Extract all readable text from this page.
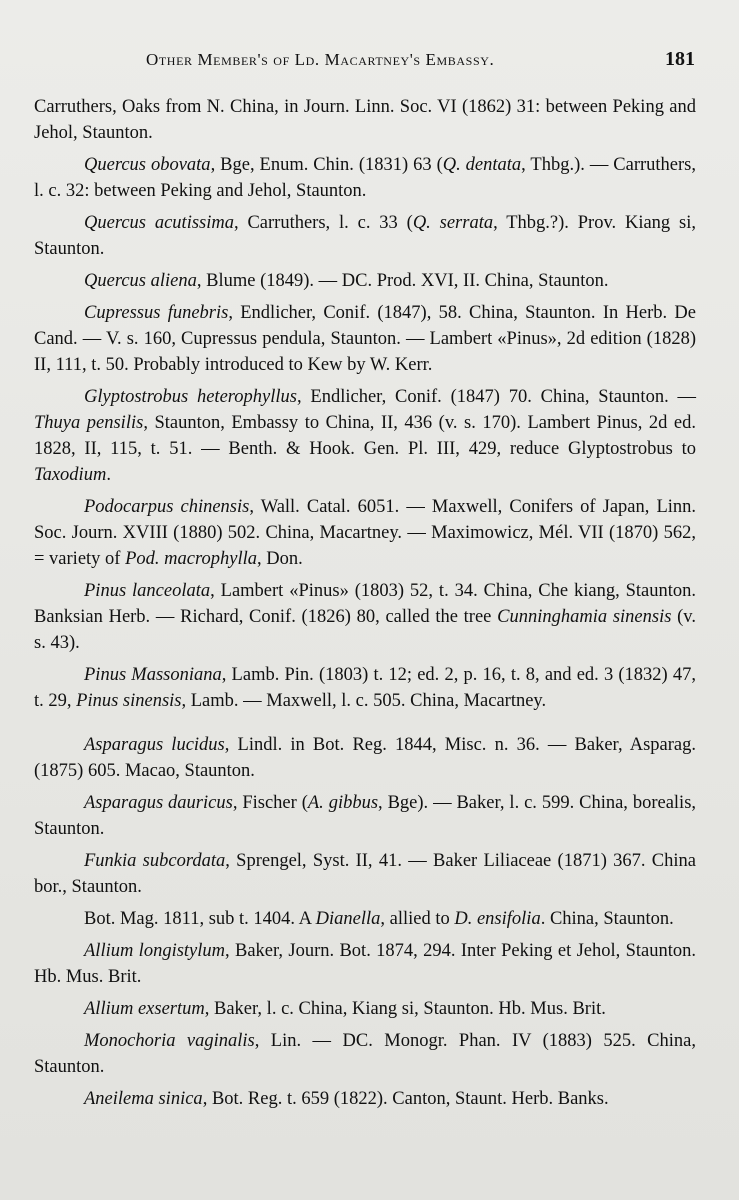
Other Member's of Ld. Macartney's Embassy.	181

Carruthers, Oaks from N. China, in Journ. Linn. Soc. VI (1862) 31: between Peking and Jehol, Staunton.

Quercus obovata, Bge, Enum. Chin. (1831) 63 (Q. dentata, Thbg.). — Carruthers, l. c. 32: between Peking and Jehol, Staunton.

Quercus acutissima, Carruthers, l. c. 33 (Q. serrata, Thbg.?). Prov. Kiang si, Staunton.

Quercus aliena, Blume (1849). — DC. Prod. XVI, II. China, Staunton.

Cupressus funebris, Endlicher, Conif. (1847), 58. China, Staunton. In Herb. De Cand. — V. s. 160, Cupressus pendula, Staunton. — Lambert «Pinus», 2d edition (1828) II, 111, t. 50. Probably introduced to Kew by W. Kerr.

Glyptostrobus heterophyllus, Endlicher, Conif. (1847) 70. China, Staunton. — Thuya pensilis, Staunton, Embassy to China, II, 436 (v. s. 170). Lambert Pinus, 2d ed. 1828, II, 115, t. 51. — Benth. & Hook. Gen. Pl. III, 429, reduce Glyptostrobus to Taxodium.

Podocarpus chinensis, Wall. Catal. 6051. — Maxwell, Conifers of Japan, Linn. Soc. Journ. XVIII (1880) 502. China, Macartney. — Maximowicz, Mél. VII (1870) 562, = variety of Pod. macrophylla, Don.

Pinus lanceolata, Lambert «Pinus» (1803) 52, t. 34. China, Che kiang, Staunton. Banksian Herb. — Richard, Conif. (1826) 80, called the tree Cunninghamia sinensis (v. s. 43).

Pinus Massoniana, Lamb. Pin. (1803) t. 12; ed. 2, p. 16, t. 8, and ed. 3 (1832) 47, t. 29, Pinus sinensis, Lamb. — Maxwell, l. c. 505. China, Macartney.

Asparagus lucidus, Lindl. in Bot. Reg. 1844, Misc. n. 36. — Baker, Asparag. (1875) 605. Macao, Staunton.

Asparagus dauricus, Fischer (A. gibbus, Bge). — Baker, l. c. 599. China, borealis, Staunton.

Funkia subcordata, Sprengel, Syst. II, 41. — Baker Liliaceae (1871) 367. China bor., Staunton.

Bot. Mag. 1811, sub t. 1404. A Dianella, allied to D. ensifolia. China, Staunton.

Allium longistylum, Baker, Journ. Bot. 1874, 294. Inter Peking et Jehol, Staunton. Hb. Mus. Brit.

Allium exsertum, Baker, l. c. China, Kiang si, Staunton. Hb. Mus. Brit.

Monochoria vaginalis, Lin. — DC. Monogr. Phan. IV (1883) 525. China, Staunton.

Aneilema sinica, Bot. Reg. t. 659 (1822). Canton, Staunt. Herb. Banks.
